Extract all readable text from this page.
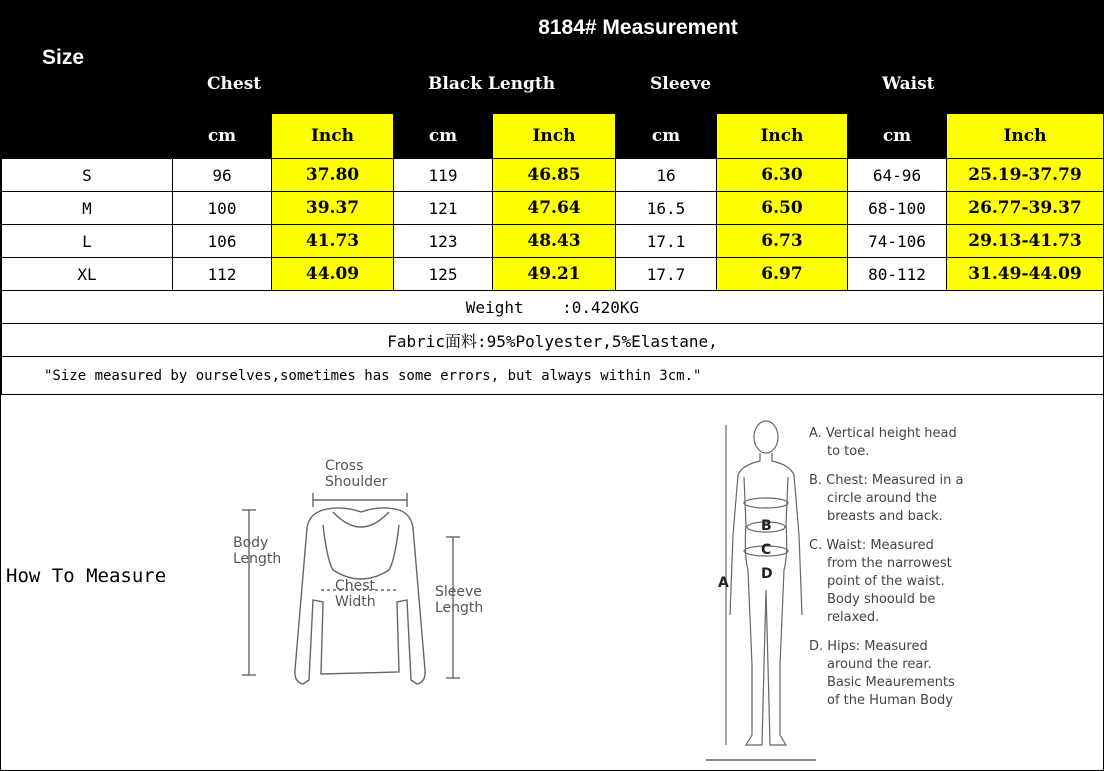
Size	8184# Measurement							
	Chest		Black Length		Sleeve		Waist	
	cm	Inch	cm	Inch	cm	Inch	cm	Inch
S	96	37.80	119	46.85	16	6.30	64-96	25.19-37.79
M	100	39.37	121	47.64	16.5	6.50	68-100	26.77-39.37
L	106	41.73	123	48.43	17.1	6.73	74-106	29.13-41.73
XL	112	44.09	125	49.21	17.7	6.97	80-112	31.49-44.09
Weight    :0.420KG								
Fabric面料:95%Polyester,5%Elastane,								
"Size measured by ourselves,sometimes has some errors, but always within 3cm."								

How To Measure

Cross
Shoulder
Body
Length
Chest
Width
Sleeve
Length
A
B
C
D

A. Vertical height head
to toe.

B. Chest: Measured in a
circle around the
breasts and back.

C. Waist: Measured
from the narrowest
point of the waist.
Body shoould be
relaxed.

D. Hips: Measured
around the rear.
Basic Meaurements
of the Human Body
